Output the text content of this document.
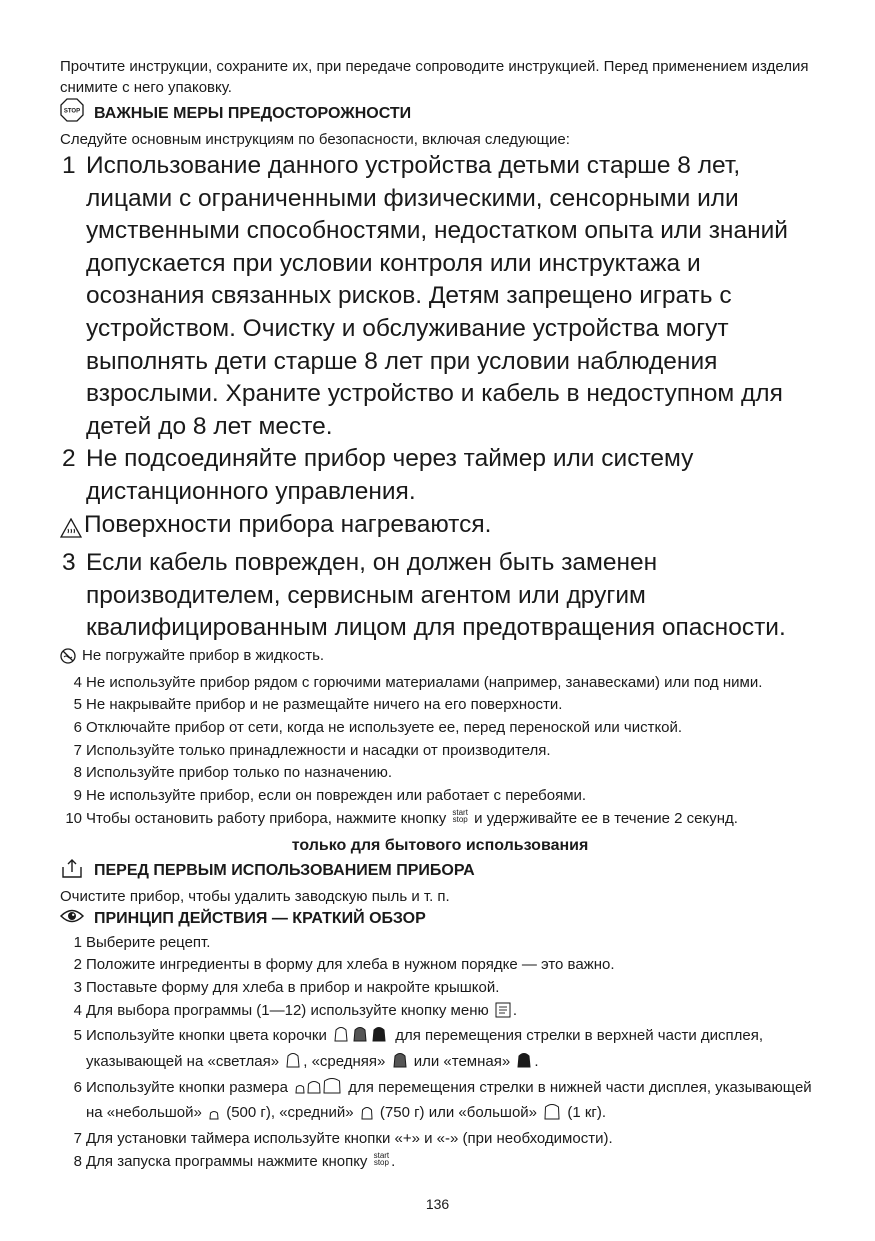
Прочтите инструкции, сохраните их, при передаче сопроводите инструкцией. Перед применением изделия снимите с него упаковку.

STOP ВАЖНЫЕ МЕРЫ ПРЕДОСТОРОЖНОСТИ

Следуйте основным инструкциям по безопасности, включая следующие:

1 Использование данного устройства детьми старше 8 лет, лицами с ограниченными физическими, сенсорными или умственными способностями, недостатком опыта или знаний допускается при условии контроля или инструктажа и осознания связанных рисков. Детям запрещено играть с устройством. Очистку и обслуживание устройства могут выполнять дети старше 8 лет при условии наблюдения взрослыми. Храните устройство и кабель в недоступном для детей до 8 лет месте.
2 Не подсоединяйте прибор через таймер или систему дистанционного управления.
Поверхности прибора нагреваются.
3 Если кабель поврежден, он должен быть заменен производителем, сервисным агентом или другим квалифицированным лицом для предотвращения опасности.
Не погружайте прибор в жидкость.
4 Не используйте прибор рядом с горючими материалами (например, занавесками) или под ними.
5 Не накрывайте прибор и не размещайте ничего на его поверхности.
6 Отключайте прибор от сети, когда не используете ее, перед переноской или чисткой.
7 Используйте только принадлежности и насадки от производителя.
8 Используйте прибор только по назначению.
9 Не используйте прибор, если он поврежден или работает с перебоями.
10 Чтобы остановить работу прибора, нажмите кнопку start
stop и удерживайте ее в течение 2 секунд.
только для бытового использования
ПЕРЕД ПЕРВЫМ ИСПОЛЬЗОВАНИЕМ ПРИБОРА

Очистите прибор, чтобы удалить заводскую пыль и т. п.

ПРИНЦИП ДЕЙСТВИЯ — КРАТКИЙ ОБЗОР
1 Выберите рецепт.
2 Положите ингредиенты в форму для хлеба в нужном порядке — это важно.
3 Поставьте форму для хлеба в прибор и накройте крышкой.
4 Для выбора программы (1—12) используйте кнопку меню .
5 Используйте кнопки цвета корочки	для перемещения стрелки в верхней части дисплея, указывающей на «светлая» , «средняя» или «темная» .
6 Используйте кнопки размера	для перемещения стрелки в нижней части дисплея, указывающей на «небольшой» (500 г), «средний» (750 г) или «большой» (1 кг).
7 Для установки таймера используйте кнопки «+» и «-» (при необходимости).
8 Для запуска программы нажмите кнопку start
stop .
136
